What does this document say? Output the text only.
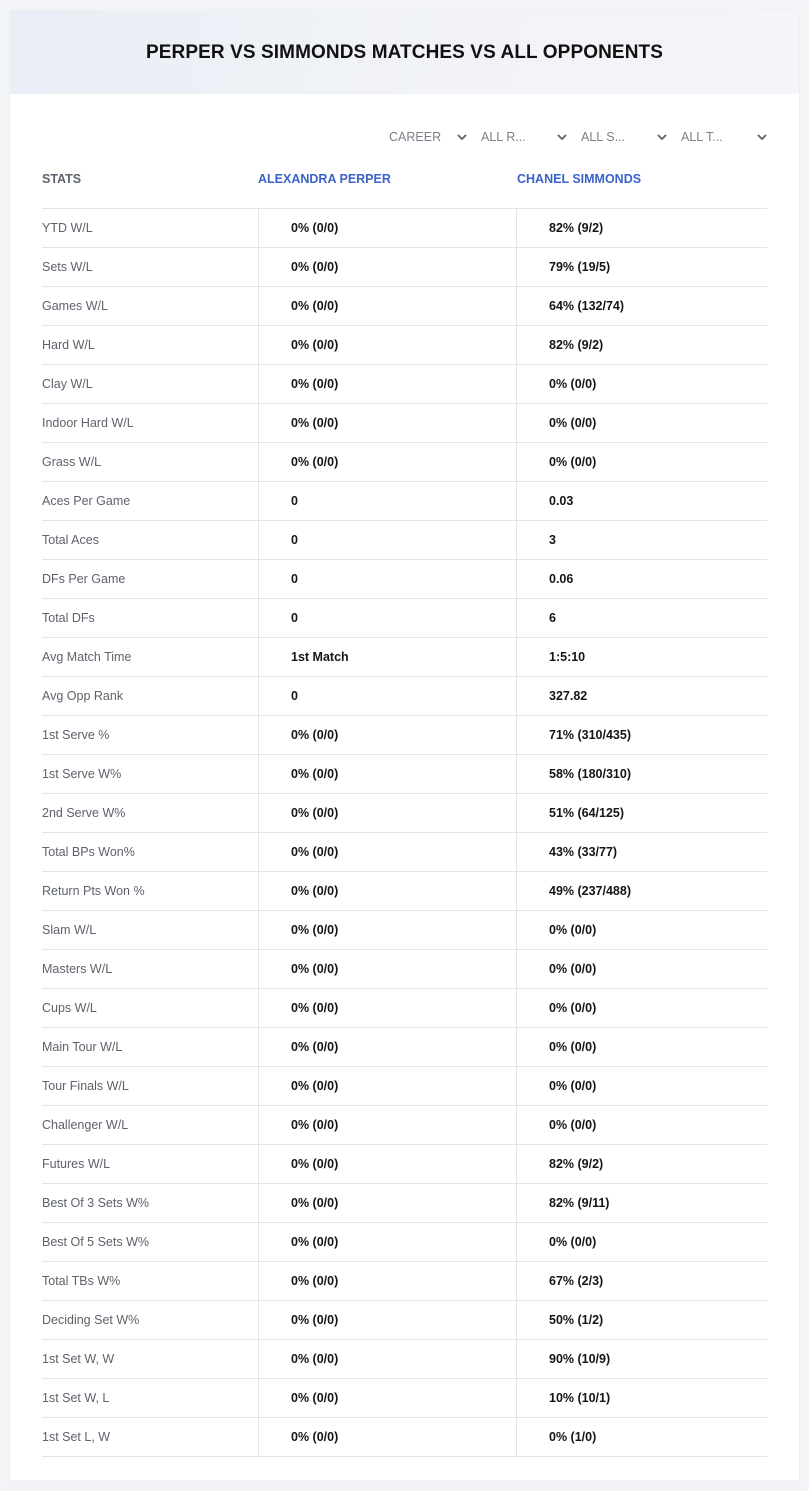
PERPER VS SIMMONDS MATCHES VS ALL OPPONENTS
CAREER	ALL R...	ALL S...	ALL T...
STATS	ALEXANDRA PERPER	CHANEL SIMMONDS
YTD W/L	0% (0/0)	82% (9/2)
Sets W/L	0% (0/0)	79% (19/5)
Games W/L	0% (0/0)	64% (132/74)
Hard W/L	0% (0/0)	82% (9/2)
Clay W/L	0% (0/0)	0% (0/0)
Indoor Hard W/L	0% (0/0)	0% (0/0)
Grass W/L	0% (0/0)	0% (0/0)
Aces Per Game	0	0.03
Total Aces	0	3
DFs Per Game	0	0.06
Total DFs	0	6
Avg Match Time	1st Match	1:5:10
Avg Opp Rank	0	327.82
1st Serve %	0% (0/0)	71% (310/435)
1st Serve W%	0% (0/0)	58% (180/310)
2nd Serve W%	0% (0/0)	51% (64/125)
Total BPs Won%	0% (0/0)	43% (33/77)
Return Pts Won %	0% (0/0)	49% (237/488)
Slam W/L	0% (0/0)	0% (0/0)
Masters W/L	0% (0/0)	0% (0/0)
Cups W/L	0% (0/0)	0% (0/0)
Main Tour W/L	0% (0/0)	0% (0/0)
Tour Finals W/L	0% (0/0)	0% (0/0)
Challenger W/L	0% (0/0)	0% (0/0)
Futures W/L	0% (0/0)	82% (9/2)
Best Of 3 Sets W%	0% (0/0)	82% (9/11)
Best Of 5 Sets W%	0% (0/0)	0% (0/0)
Total TBs W%	0% (0/0)	67% (2/3)
Deciding Set W%	0% (0/0)	50% (1/2)
1st Set W, W	0% (0/0)	90% (10/9)
1st Set W, L	0% (0/0)	10% (10/1)
1st Set L, W	0% (0/0)	0% (1/0)
